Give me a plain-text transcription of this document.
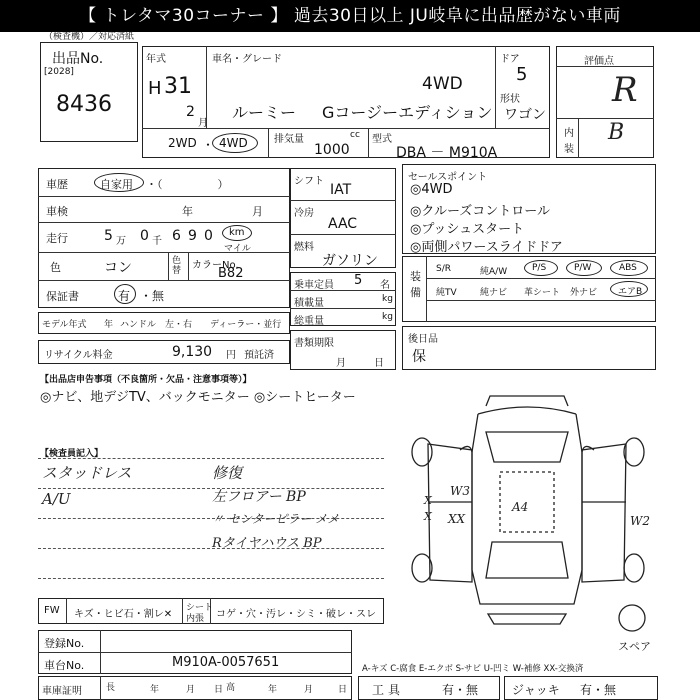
【 トレタマ30コーナー 】 過去30日以上 JU岐阜に出品歴がない車両
（検査機）／対応済紙
出品No.
[2028]
8436
年式
H 31
2
月
車名・グレード
4WD
ルーミー Gコージーエディション
ドア
5
形状
ワゴン
2WD ・ 4WD	排気量	cc
1000
型式
DBA － M910A
評価点
R
内
装
B
車歴	自家用 ・（　　　　　）
車検	年	月
走行	5 万 0 千 6 9 0 km
マイル
色	コン	色替 カラーNo.
B82
保証書	有 ・ 無
モデル年式 年 ハンドル　左・右 ディーラー・並行
リサイクル料金	9,130 円 預託済
シフト
IAT
冷房
AAC
燃料
ガソリン
乗車定員 5 名
積載量	kg
総重量	kg
書類期限
月	日
セールスポイント
◎4WD
◎クルーズコントロール
◎プッシュスタート
◎両側パワースライドドア
装
備
S/R	純A/W	P/S	P/W	ABS
純TV	純ナビ 革シート 外ナビ エアB
後日品
保
【出品店申告事項（不良箇所・欠品・注意事項等）】
◎ナビ、地デジTV、バックモニター ◎シートヒーター
【検査員記入】
スタッドレス
A/U
修復
左フロアー BP
〃 センターピラー メメ
Rタイヤハウス BP
W3
A4
XX
X
X	W2
スペア
FW キズ・ヒビ石・割レ✕
シート
内張 コゲ・穴・汚レ・シミ・破レ・スレ
登録No.
車台No.	M910A-0057651	A-キズ C-腐食 E-エクボ S-サビ U-凹ミ W-補修 XX-交換済
車庫証明	長	年	月 日 高	年	月	日 工具	有・無	ジャッキ 有・無
